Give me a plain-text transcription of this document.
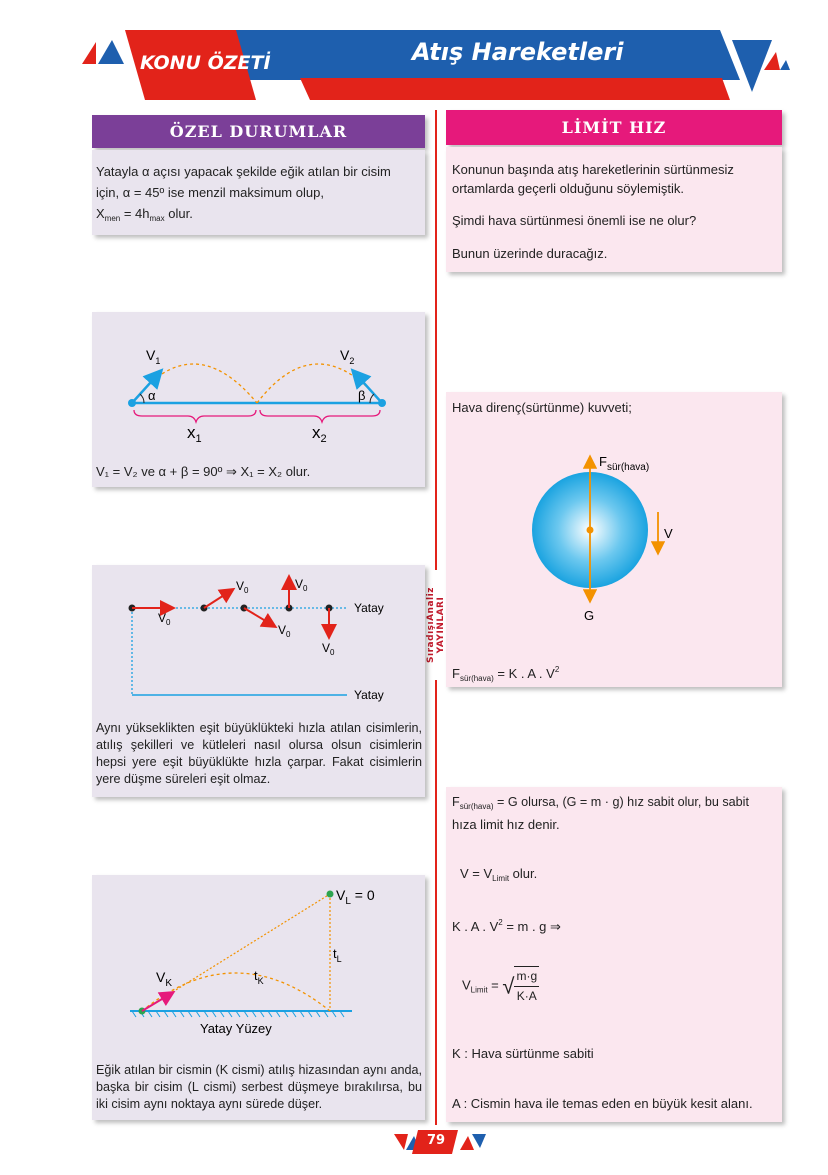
KONU ÖZETİ	Atış Hareketleri
SıradışıAnaliz YAYINLARI
ÖZEL DURUMLAR
Yatayla α açısı yapacak şekilde eğik atılan bir cisim
için, α = 45º ise menzil maksimum olup,
$X_{men} = 4h_{max}$ olur.
$V_1$	$V_2$
α	β
$x_1$	$x_2$
V₁ = V₂ ve α + β = 90º ⇒ X₁ = X₂ olur.
Yatay
Yatay
$V_0$
$V_0$
$V_0$
$V_0$
$V_0$
Aynı yükseklikten eşit büyüklükteki hızla atılan cisimlerin, atılış şekilleri ve kütleleri nasıl olursa olsun cisimlerin hepsi yere eşit büyüklükte hızla çarpar. Fakat cisimlerin yere düşme süreleri eşit olmaz.
$V_L = 0$
$t_L$
$t_K$
$V_K$
Yatay Yüzey
Eğik atılan bir cismin (K cismi) atılış hizasından aynı anda, başka bir cisim (L cismi) serbest düşmeye bırakılırsa, bu iki cisim aynı noktaya aynı sürede düşer.
LİMİT HIZ
Konunun başında atış hareketlerinin sürtünmesiz ortamlarda geçerli olduğunu söylemiştik.
Şimdi hava sürtünmesi önemli ise ne olur?
Bunun üzerinde duracağız.
Hava direnç(sürtünme) kuvveti;
$F_{sür(hava)}$
V
G
$F_{sür(hava)} = K$ . A . $V^2$
$F_{sür(hava)} = G$ olursa, (G = m · g) hız sabit olur, bu sabit
hıza limit hız denir.
$V = V_{Limit}$ olur.
K . A . $V^2 = m$ . g ⇒
$V_{Limit}$ = √ $\frac{m\cdot g}{K\cdot A}$
K : Hava sürtünme sabiti
A : Cismin hava ile temas eden en büyük kesit alanı.
79
